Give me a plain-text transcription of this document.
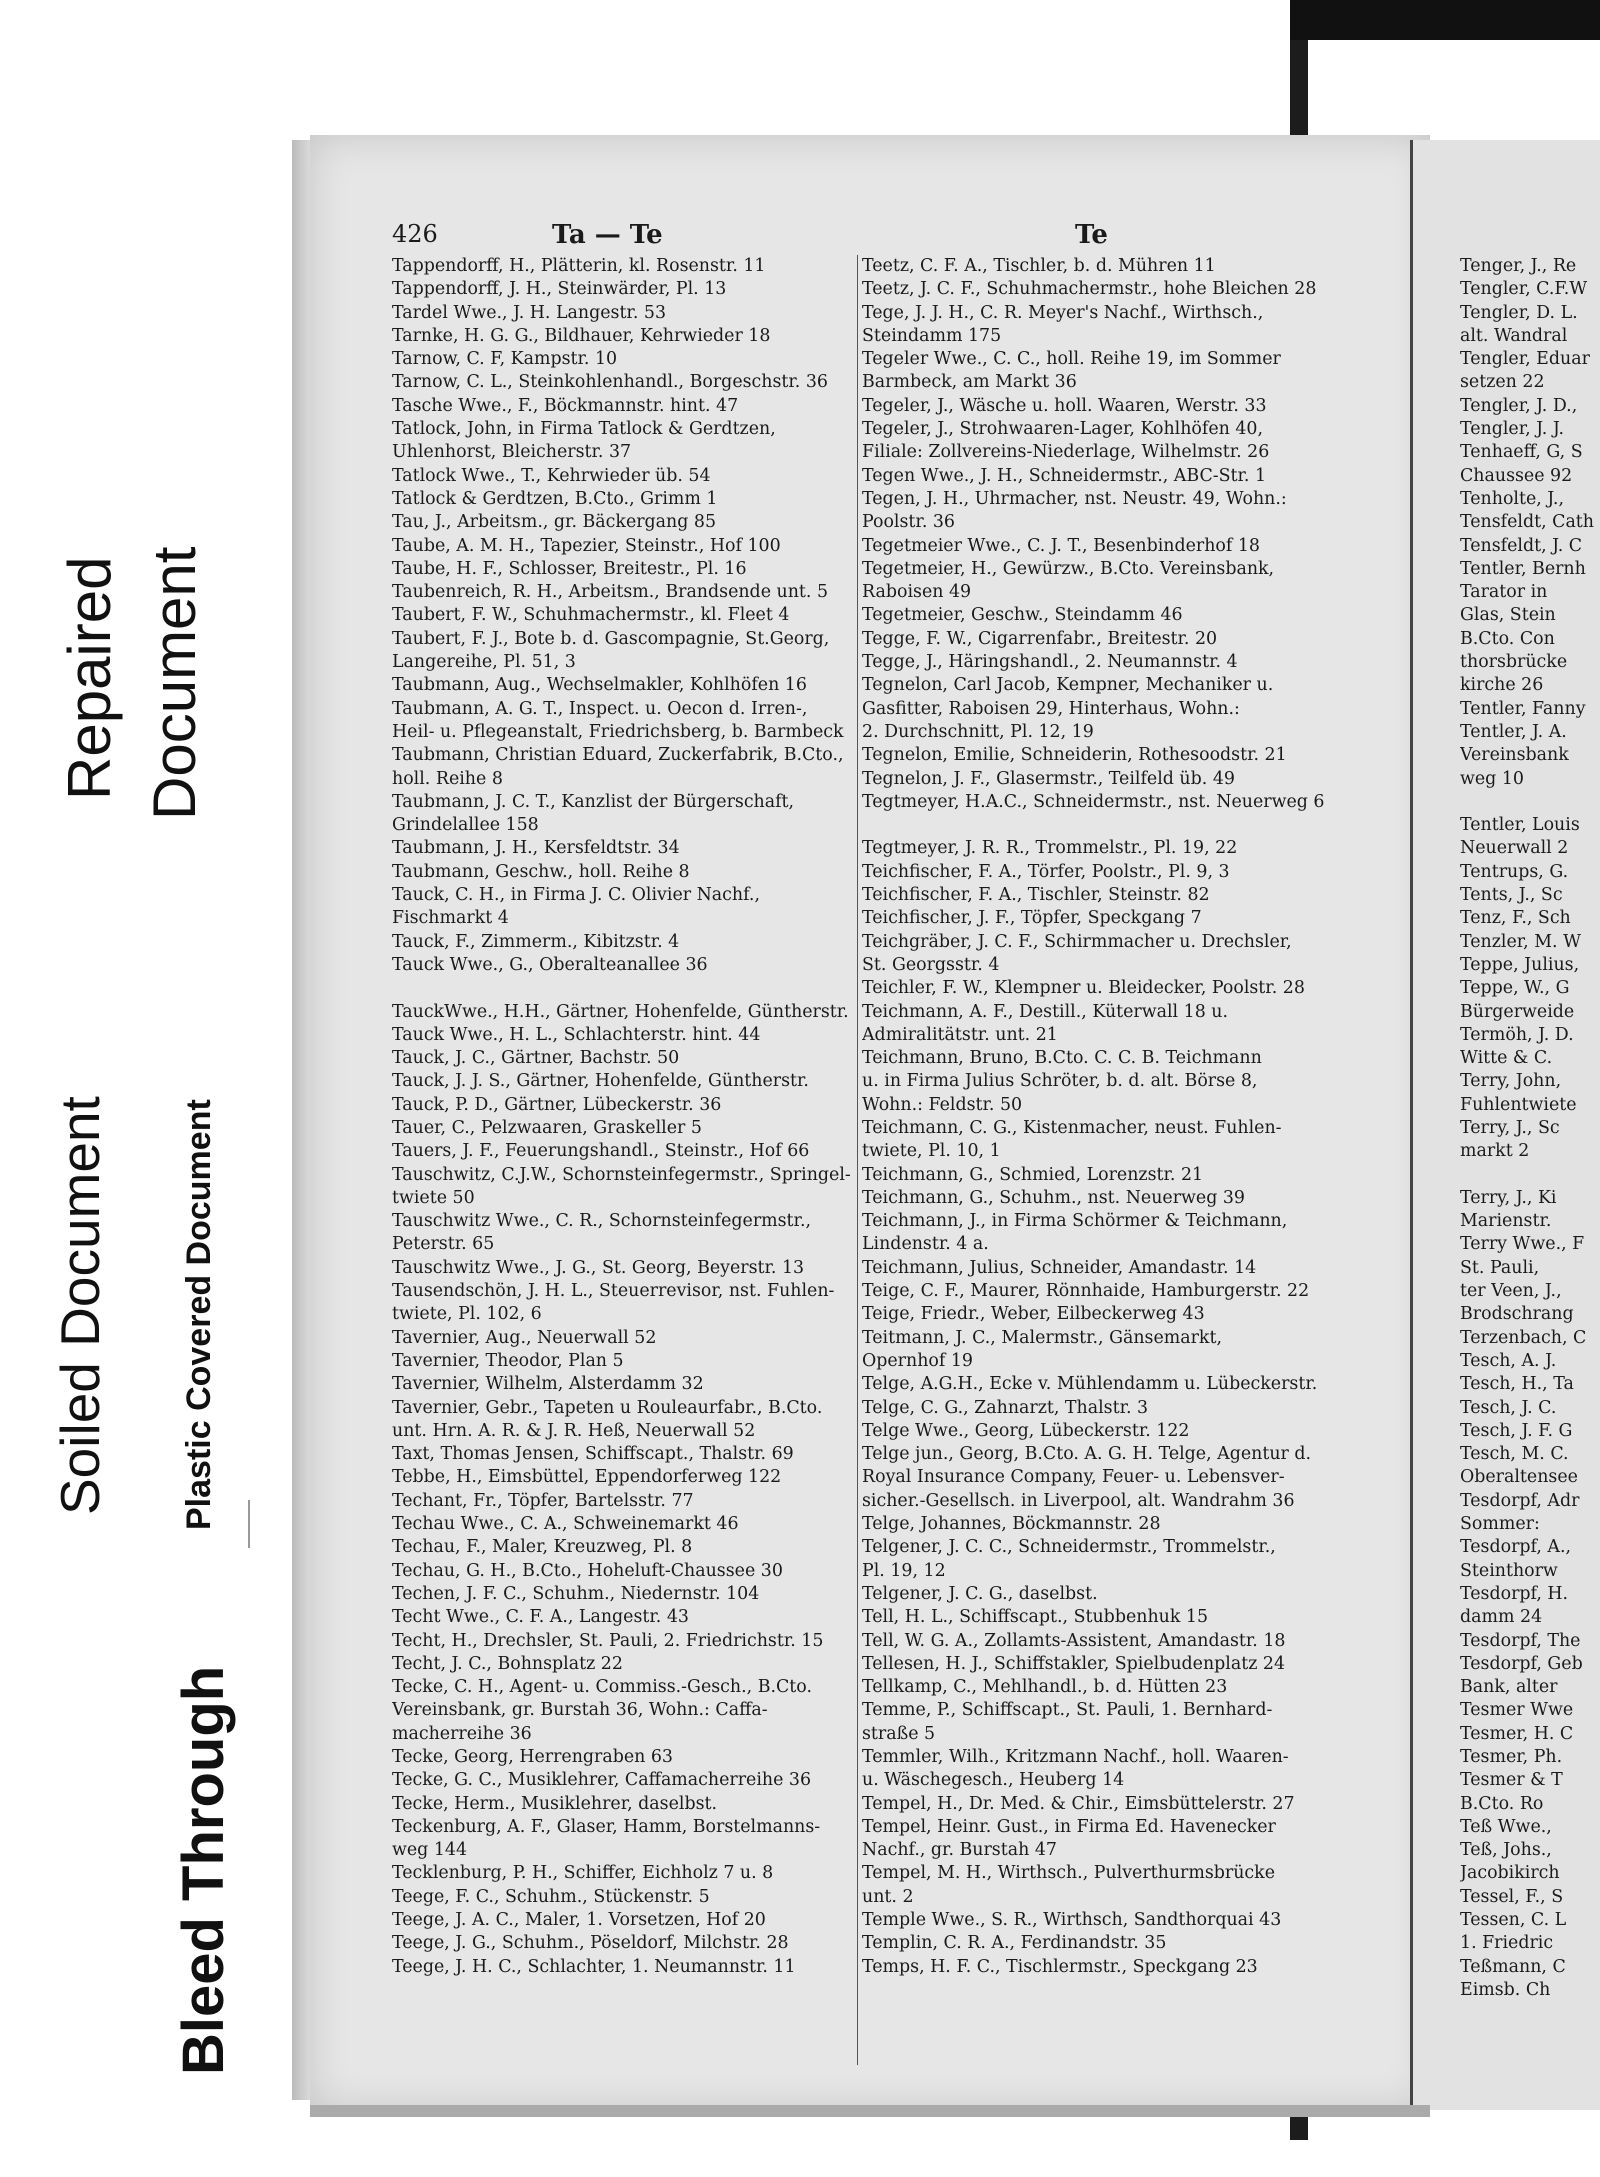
Bleed Through
Plastic Covered Document
Soiled Document
Repaired Document
426	Ta — Te	Te
Tappendorff, H., Plätterin, kl. Rosenstr. 11
Tappendorff, J. H., Steinwärder, Pl. 13
Tardel Wwe., J. H. Langestr. 53
Tarnke, H. G. G., Bildhauer, Kehrwieder 18
Tarnow, C. F, Kampstr. 10
Tarnow, C. L., Steinkohlenhandl., Borgeschstr. 36
Tasche Wwe., F., Böckmannstr. hint. 47
Tatlock, John, in Firma Tatlock & Gerdtzen,
Uhlenhorst, Bleicherstr. 37
Tatlock Wwe., T., Kehrwieder üb. 54
Tatlock & Gerdtzen, B.Cto., Grimm 1
Tau, J., Arbeitsm., gr. Bäckergang 85
Taube, A. M. H., Tapezier, Steinstr., Hof 100
Taube, H. F., Schlosser, Breitestr., Pl. 16
Taubenreich, R. H., Arbeitsm., Brandsende unt. 5
Taubert, F. W., Schuhmachermstr., kl. Fleet 4
Taubert, F. J., Bote b. d. Gascompagnie, St.Georg,
Langereihe, Pl. 51, 3
Taubmann, Aug., Wechselmakler, Kohlhöfen 16
Taubmann, A. G. T., Inspect. u. Oecon d. Irren-,
Heil- u. Pflegeanstalt, Friedrichsberg, b. Barmbeck
Taubmann, Christian Eduard, Zuckerfabrik, B.Cto.,
holl. Reihe 8
Taubmann, J. C. T., Kanzlist der Bürgerschaft,
Grindelallee 158
Taubmann, J. H., Kersfeldtstr. 34
Taubmann, Geschw., holl. Reihe 8
Tauck, C. H., in Firma J. C. Olivier Nachf.,
Fischmarkt 4
Tauck, F., Zimmerm., Kibitzstr. 4
Tauck Wwe., G., Oberalteanallee 36
TauckWwe., H.H., Gärtner, Hohenfelde, Güntherstr.
Tauck Wwe., H. L., Schlachterstr. hint. 44
Tauck, J. C., Gärtner, Bachstr. 50
Tauck, J. J. S., Gärtner, Hohenfelde, Güntherstr.
Tauck, P. D., Gärtner, Lübeckerstr. 36
Tauer, C., Pelzwaaren, Graskeller 5
Tauers, J. F., Feuerungshandl., Steinstr., Hof 66
Tauschwitz, C.J.W., Schornsteinfegermstr., Springel-
twiete 50
Tauschwitz Wwe., C. R., Schornsteinfegermstr.,
Peterstr. 65
Tauschwitz Wwe., J. G., St. Georg, Beyerstr. 13
Tausendschön, J. H. L., Steuerrevisor, nst. Fuhlen-
twiete, Pl. 102, 6
Tavernier, Aug., Neuerwall 52
Tavernier, Theodor, Plan 5
Tavernier, Wilhelm, Alsterdamm 32
Tavernier, Gebr., Tapeten u Rouleaurfabr., B.Cto.
unt. Hrn. A. R. & J. R. Heß, Neuerwall 52
Taxt, Thomas Jensen, Schiffscapt., Thalstr. 69
Tebbe, H., Eimsbüttel, Eppendorferweg 122
Techant, Fr., Töpfer, Bartelsstr. 77
Techau Wwe., C. A., Schweinemarkt 46
Techau, F., Maler, Kreuzweg, Pl. 8
Techau, G. H., B.Cto., Hoheluft-Chaussee 30
Techen, J. F. C., Schuhm., Niedernstr. 104
Techt Wwe., C. F. A., Langestr. 43
Techt, H., Drechsler, St. Pauli, 2. Friedrichstr. 15
Techt, J. C., Bohnsplatz 22
Tecke, C. H., Agent- u. Commiss.-Gesch., B.Cto.
Vereinsbank, gr. Burstah 36, Wohn.: Caffa-
macherreihe 36
Tecke, Georg, Herrengraben 63
Tecke, G. C., Musiklehrer, Caffamacherreihe 36
Tecke, Herm., Musiklehrer, daselbst.
Teckenburg, A. F., Glaser, Hamm, Borstelmanns-
weg 144
Tecklenburg, P. H., Schiffer, Eichholz 7 u. 8
Teege, F. C., Schuhm., Stückenstr. 5
Teege, J. A. C., Maler, 1. Vorsetzen, Hof 20
Teege, J. G., Schuhm., Pöseldorf, Milchstr. 28
Teege, J. H. C., Schlachter, 1. Neumannstr. 11
Teetz, C. F. A., Tischler, b. d. Mühren 11
Teetz, J. C. F., Schuhmachermstr., hohe Bleichen 28
Tege, J. J. H., C. R. Meyer's Nachf., Wirthsch.,
Steindamm 175
Tegeler Wwe., C. C., holl. Reihe 19, im Sommer
Barmbeck, am Markt 36
Tegeler, J., Wäsche u. holl. Waaren, Werstr. 33
Tegeler, J., Strohwaaren-Lager, Kohlhöfen 40,
Filiale: Zollvereins-Niederlage, Wilhelmstr. 26
Tegen Wwe., J. H., Schneidermstr., ABC-Str. 1
Tegen, J. H., Uhrmacher, nst. Neustr. 49, Wohn.:
Poolstr. 36
Tegetmeier Wwe., C. J. T., Besenbinderhof 18
Tegetmeier, H., Gewürzw., B.Cto. Vereinsbank,
Raboisen 49
Tegetmeier, Geschw., Steindamm 46
Tegge, F. W., Cigarrenfabr., Breitestr. 20
Tegge, J., Häringshandl., 2. Neumannstr. 4
Tegnelon, Carl Jacob, Kempner, Mechaniker u.
Gasfitter, Raboisen 29, Hinterhaus, Wohn.:
2. Durchschnitt, Pl. 12, 19
Tegnelon, Emilie, Schneiderin, Rothesoodstr. 21
Tegnelon, J. F., Glasermstr., Teilfeld üb. 49
Tegtmeyer, H.A.C., Schneidermstr., nst. Neuerweg 6
Tegtmeyer, J. R. R., Trommelstr., Pl. 19, 22
Teichfischer, F. A., Törfer, Poolstr., Pl. 9, 3
Teichfischer, F. A., Tischler, Steinstr. 82
Teichfischer, J. F., Töpfer, Speckgang 7
Teichgräber, J. C. F., Schirmmacher u. Drechsler,
St. Georgsstr. 4
Teichler, F. W., Klempner u. Bleidecker, Poolstr. 28
Teichmann, A. F., Destill., Küterwall 18 u.
Admiralitätstr. unt. 21
Teichmann, Bruno, B.Cto. C. C. B. Teichmann
u. in Firma Julius Schröter, b. d. alt. Börse 8,
Wohn.: Feldstr. 50
Teichmann, C. G., Kistenmacher, neust. Fuhlen-
twiete, Pl. 10, 1
Teichmann, G., Schmied, Lorenzstr. 21
Teichmann, G., Schuhm., nst. Neuerweg 39
Teichmann, J., in Firma Schörmer & Teichmann,
Lindenstr. 4 a.
Teichmann, Julius, Schneider, Amandastr. 14
Teige, C. F., Maurer, Rönnhaide, Hamburgerstr. 22
Teige, Friedr., Weber, Eilbeckerweg 43
Teitmann, J. C., Malermstr., Gänsemarkt,
Opernhof 19
Telge, A.G.H., Ecke v. Mühlendamm u. Lübeckerstr.
Telge, C. G., Zahnarzt, Thalstr. 3
Telge Wwe., Georg, Lübeckerstr. 122
Telge jun., Georg, B.Cto. A. G. H. Telge, Agentur d.
Royal Insurance Company, Feuer- u. Lebensver-
sicher.-Gesellsch. in Liverpool, alt. Wandrahm 36
Telge, Johannes, Böckmannstr. 28
Telgener, J. C. C., Schneidermstr., Trommelstr.,
Pl. 19, 12
Telgener, J. C. G., daselbst.
Tell, H. L., Schiffscapt., Stubbenhuk 15
Tell, W. G. A., Zollamts-Assistent, Amandastr. 18
Tellesen, H. J., Schiffstakler, Spielbudenplatz 24
Tellkamp, C., Mehlhandl., b. d. Hütten 23
Temme, P., Schiffscapt., St. Pauli, 1. Bernhard-
straße 5
Temmler, Wilh., Kritzmann Nachf., holl. Waaren-
u. Wäschegesch., Heuberg 14
Tempel, H., Dr. Med. & Chir., Eimsbüttelerstr. 27
Tempel, Heinr. Gust., in Firma Ed. Havenecker
Nachf., gr. Burstah 47
Tempel, M. H., Wirthsch., Pulverthurmsbrücke
unt. 2
Temple Wwe., S. R., Wirthsch, Sandthorquai 43
Templin, C. R. A., Ferdinandstr. 35
Temps, H. F. C., Tischlermstr., Speckgang 23
Tenger, J., Re
Tengler, C.F.W
Tengler, D. L.
alt. Wandral
Tengler, Eduar
setzen 22
Tengler, J. D.,
Tengler, J. J.
Tenhaeff, G, S
Chaussee 92
Tenholte, J.,
Tensfeldt, Cath
Tensfeldt, J. C
Tentler, Bernh
Tarator in
Glas, Stein
B.Cto. Con
thorsbrücke
kirche 26
Tentler, Fanny
Tentler, J. A.
Vereinsbank
weg 10
Tentler, Louis
Neuerwall 2
Tentrups, G.
Tents, J., Sc
Tenz, F., Sch
Tenzler, M. W
Teppe, Julius,
Teppe, W., G
Bürgerweide
Termöh, J. D.
Witte & C.
Terry, John,
Fuhlentwiete
Terry, J., Sc
markt 2
Terry, J., Ki
Marienstr.
Terry Wwe., F
St. Pauli,
ter Veen, J.,
Brodschrang
Terzenbach, C
Tesch, A. J.
Tesch, H., Ta
Tesch, J. C.
Tesch, J. F. G
Tesch, M. C.
Oberaltensee
Tesdorpf, Adr
Sommer:
Tesdorpf, A.,
Steinthorw
Tesdorpf, H.
damm 24
Tesdorpf, The
Tesdorpf, Geb
Bank, alter
Tesmer Wwe
Tesmer, H. C
Tesmer, Ph.
Tesmer & T
B.Cto. Ro
Teß Wwe.,
Teß, Johs.,
Jacobikirch
Tessel, F., S
Tessen, C. L
1. Friedric
Teßmann, C
Eimsb. Ch
